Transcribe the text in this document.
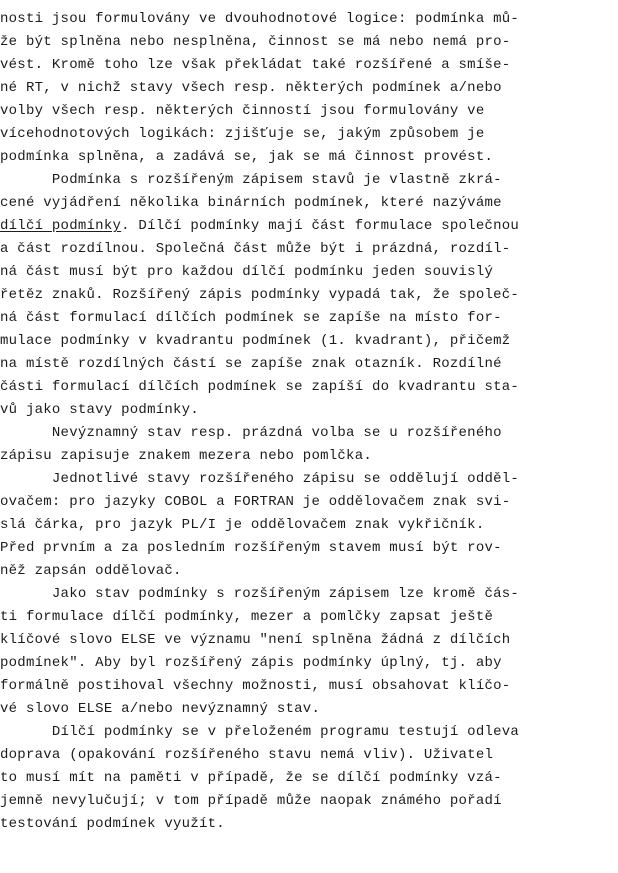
nosti jsou formulovány ve dvouhodnotové logice: podmínka mů-
že být splněna nebo nesplněna, činnost se má nebo nemá pro-
vést. Kromě toho lze však překládat také rozšířené a smíše-
né RT, v nichž stavy všech resp. některých podmínek a/nebo
volby všech resp. některých činností jsou formulovány ve
vícehodnotových logikách: zjišťuje se, jakým způsobem je
podmínka splněna, a zadává se, jak se má činnost provést.
Podmínka s rozšířeným zápisem stavů je vlastně zkrá-
cené vyjádření několika binárních podmínek, které nazýváme
dílčí podmínky. Dílčí podmínky mají část formulace společnou
a část rozdílnou. Společná část může být i prázdná, rozdíl-
ná část musí být pro každou dílčí podmínku jeden souvislý
řetěz znaků. Rozšířený zápis podmínky vypadá tak, že společ-
ná část formulací dílčích podmínek se zapíše na místo for-
mulace podmínky v kvadrantu podmínek (1. kvadrant), přičemž
na místě rozdílných částí se zapíše znak otazník. Rozdílné
části formulací dílčích podmínek se zapíší do kvadrantu sta-
vů jako stavy podmínky.
Nevýznamný stav resp. prázdná volba se u rozšířeného
zápisu zapisuje znakem mezera nebo pomlčka.
Jednotlivé stavy rozšířeného zápisu se oddělují odděl-
ovačem: pro jazyky COBOL a FORTRAN je oddělovačem znak svi-
slá čárka, pro jazyk PL/I je oddělovačem znak vykřičník.
Před prvním a za posledním rozšířeným stavem musí být rov-
něž zapsán oddělovač.
Jako stav podmínky s rozšířeným zápisem lze kromě čás-
ti formulace dílčí podmínky, mezer a pomlčky zapsat ještě
klíčové slovo ELSE ve významu "není splněna žádná z dílčích
podmínek". Aby byl rozšířený zápis podmínky úplný, tj. aby
formálně postihoval všechny možnosti, musí obsahovat klíčo-
vé slovo ELSE a/nebo nevýznamný stav.
Dílčí podmínky se v přeloženém programu testují odleva
doprava (opakování rozšířeného stavu nemá vliv). Uživatel
to musí mít na paměti v případě, že se dílčí podmínky vzá-
jemně nevylučují; v tom případě může naopak známého pořadí
testování podmínek využít.
